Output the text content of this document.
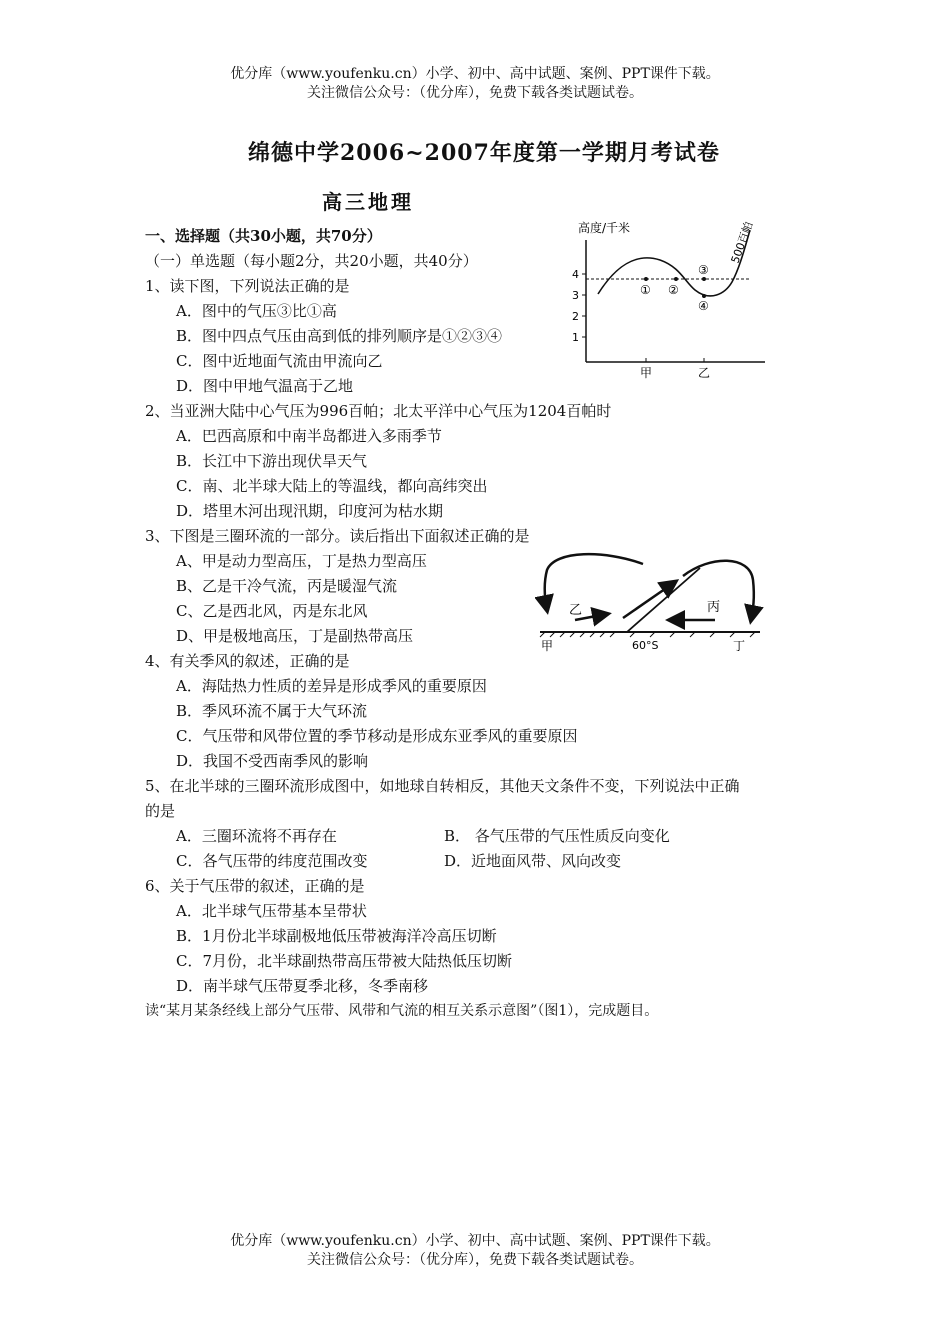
优分库（www.youfenku.cn）小学、初中、高中试题、案例、PPT课件下载。
关注微信公众号：（优分库），免费下载各类试题试卷。
绵德中学2006~2007年度第一学期月考试卷
高三地理
一、选择题（共30小题，共70分）
（一）单选题（每小题2分，共20小题，共40分）
1、读下图，下列说法正确的是
A．图中的气压③比①高
B．图中四点气压由高到低的排列顺序是①②③④
C．图中近地面气流由甲流向乙
D．图中甲地气温高于乙地
高度/千米	500百帕
4
3
2
1
① ②
③
④
甲	乙
2、当亚洲大陆中心气压为996百帕；北太平洋中心气压为1204百帕时
A．巴西高原和中南半岛都进入多雨季节
B．长江中下游出现伏旱天气
C．南、北半球大陆上的等温线，都向高纬突出
D．塔里木河出现汛期，印度河为枯水期
3、下图是三圈环流的一部分。读后指出下面叙述正确的是
A、甲是动力型高压，丁是热力型高压
B、乙是干冷气流，丙是暖湿气流
C、乙是西北风，丙是东北风
D、甲是极地高压，丁是副热带高压
乙	丙
甲	60°S	丁
4、有关季风的叙述，正确的是
A．海陆热力性质的差异是形成季风的重要原因
B．季风环流不属于大气环流
C．气压带和风带位置的季节移动是形成东亚季风的重要原因
D．我国不受西南季风的影响
5、在北半球的三圈环流形成图中，如地球自转相反，其他天文条件不变，下列说法中正确
的是
A．三圈环流将不再存在	B． 各气压带的气压性质反向变化
C．各气压带的纬度范围改变	D．近地面风带、风向改变
6、关于气压带的叙述，正确的是
A．北半球气压带基本呈带状
B．1月份北半球副极地低压带被海洋冷高压切断
C．7月份，北半球副热带高压带被大陆热低压切断
D．南半球气压带夏季北移，冬季南移
读“某月某条经线上部分气压带、风带和气流的相互关系示意图”（图1），完成题目。
优分库（www.youfenku.cn）小学、初中、高中试题、案例、PPT课件下载。
关注微信公众号：（优分库），免费下载各类试题试卷。
